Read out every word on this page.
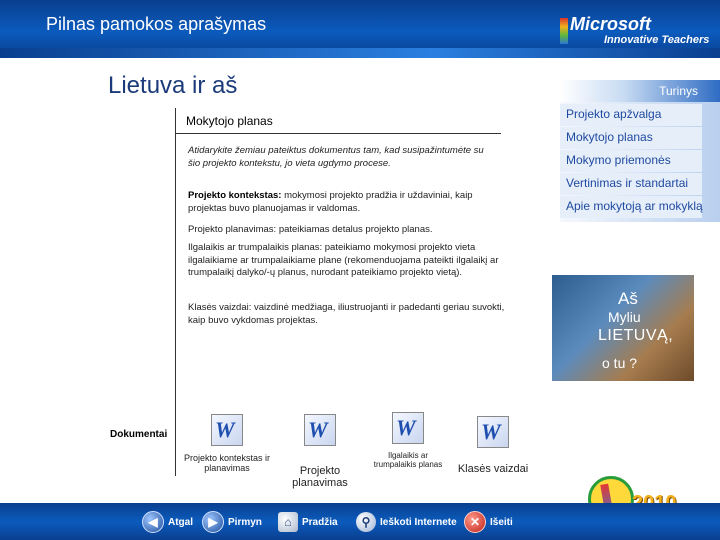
Pilnas pamokos aprašymas	Microsoft
Innovative Teachers
Lietuva ir aš
Mokytojo planas
Atidarykite žemiau pateiktus dokumentus tam, kad susipažintumėte su šio projekto kontekstu, jo vieta ugdymo procese.
Projekto kontekstas: mokymosi projekto pradžia ir uždaviniai, kaip projektas buvo planuojamas ir valdomas.
Projekto planavimas: pateikiamas detalus projekto planas.
Ilgalaikis ar trumpalaikis planas: pateikiamo mokymosi projekto vieta ilgalaikiame ar trumpalaikiame plane (rekomenduojama pateikti ilgalaikį ar trumpalaikį dalyko/-ų planus, nurodant pateikiamo projekto vietą).
Klasės vaizdai: vaizdinė medžiaga, iliustruojanti ir padedanti geriau suvokti, kaip buvo vykdomas projektas.
Dokumentai W
Projekto kontekstas ir planavimas
W
Projekto planavimas
W
Ilgalaikis ar trumpalaikis planas
W
Klasės vaizdai
Turinys
Projekto apžvalga
Mokytojo planas
Mokymo priemonės
Vertinimas ir standartai
Apie mokytoją ar mokyklą
Aš
Myliu
LIETUVĄ,
o tu ?
◀	Atgal	▶	Pirmyn	⌂	Pradžia	⚲ Ieškoti Internete	✕ Išeiti
